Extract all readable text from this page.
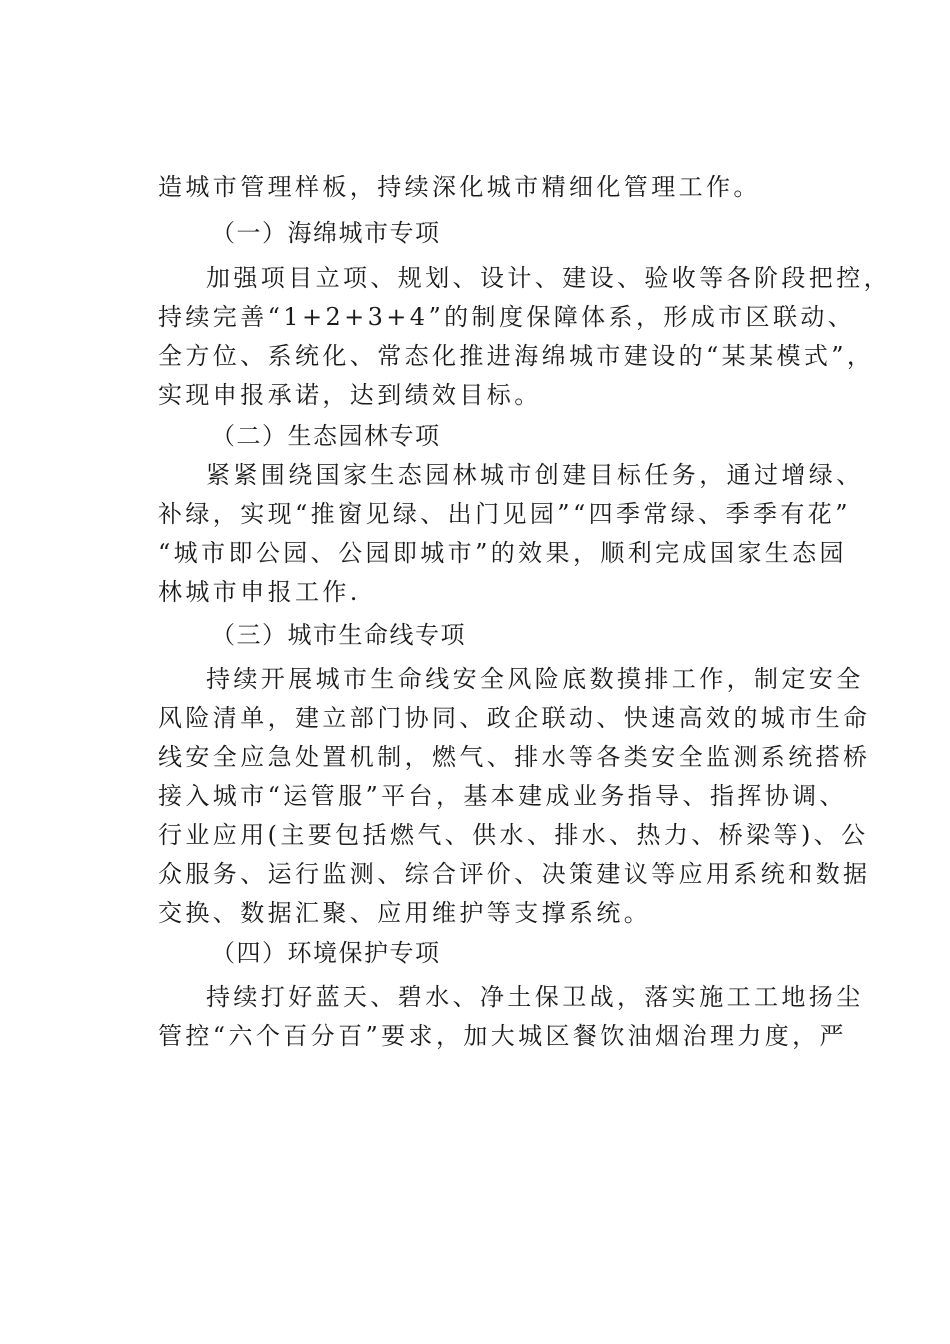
造城市管理样板，持续深化城市精细化管理工作。
（一）海绵城市专项
加强项目立项、规划、设计、建设、验收等各阶段把控，
持续完善“1+2+3+4”的制度保障体系，形成市区联动、
全方位、系统化、常态化推进海绵城市建设的“某某模式”，
实现申报承诺，达到绩效目标。
（二）生态园林专项
紧紧围绕国家生态园林城市创建目标任务，通过增绿、
补绿，实现“推窗见绿、出门见园”“四季常绿、季季有花”
“城市即公园、公园即城市”的效果，顺利完成国家生态园
林城市申报工作.
（三）城市生命线专项
持续开展城市生命线安全风险底数摸排工作，制定安全
风险清单，建立部门协同、政企联动、快速高效的城市生命
线安全应急处置机制，燃气、排水等各类安全监测系统搭桥
接入城市“运管服”平台，基本建成业务指导、指挥协调、
行业应用(主要包括燃气、供水、排水、热力、桥梁等)、公
众服务、运行监测、综合评价、决策建议等应用系统和数据
交换、数据汇聚、应用维护等支撑系统。
（四）环境保护专项
持续打好蓝天、碧水、净土保卫战，落实施工工地扬尘
管控“六个百分百”要求，加大城区餐饮油烟治理力度，严
